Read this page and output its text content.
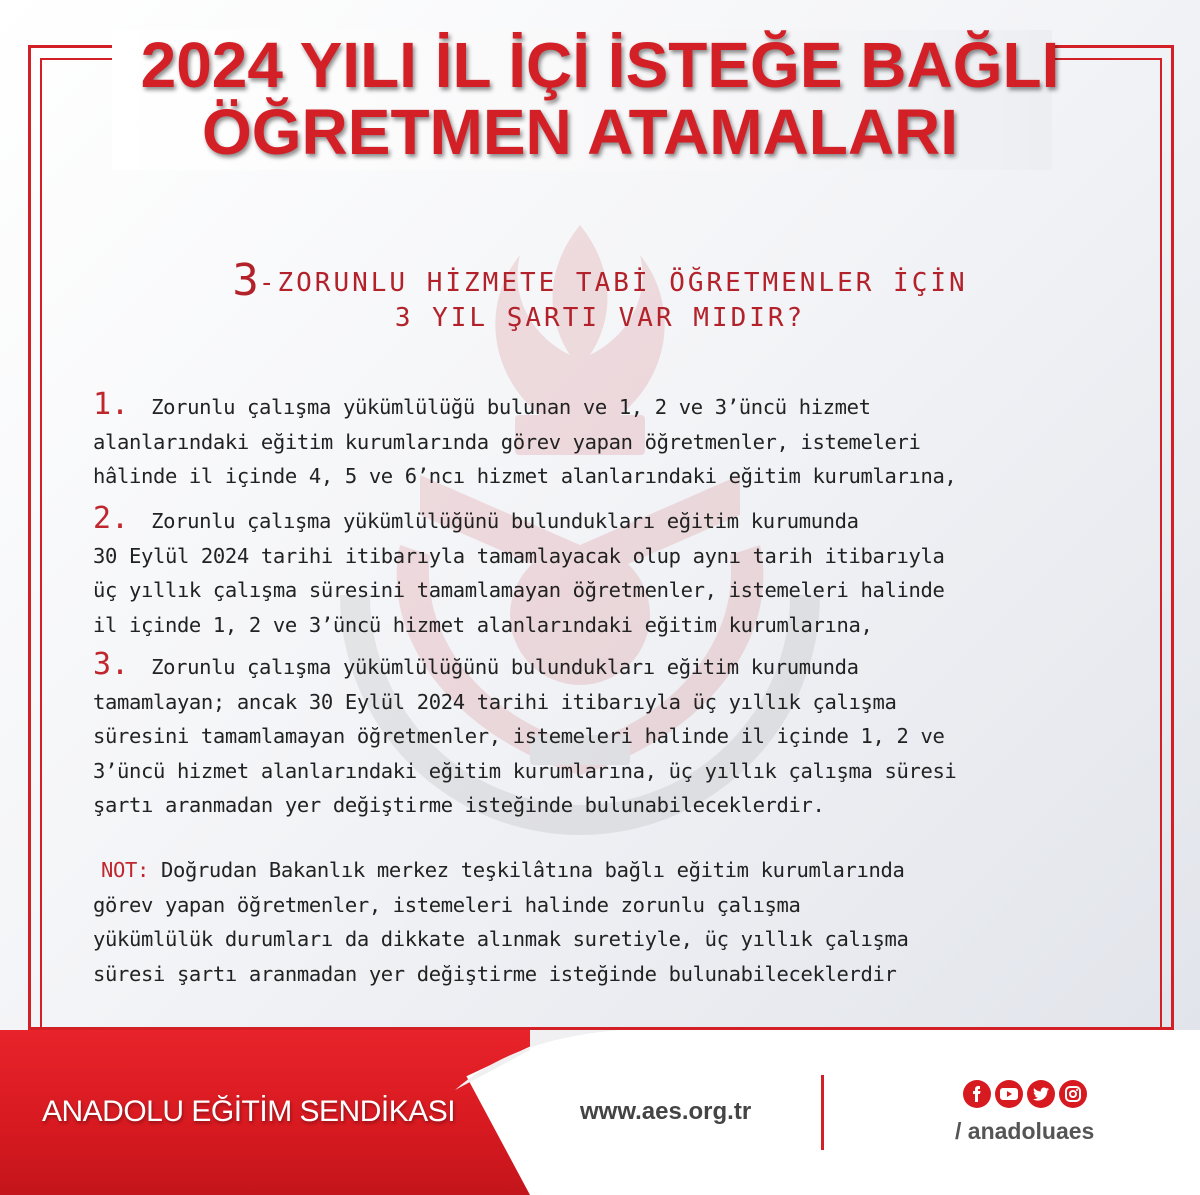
2024 YILI İL İÇİ İSTEĞE BAĞLI
ÖĞRETMEN ATAMALARI
3-ZORUNLU HİZMETE TABİ ÖĞRETMENLER İÇİN
3 YIL ŞARTI VAR MIDIR?
1. Zorunlu çalışma yükümlülüğü bulunan ve 1, 2 ve 3’üncü hizmet
alanlarındaki eğitim kurumlarında görev yapan öğretmenler, istemeleri
hâlinde il içinde 4, 5 ve 6’ncı hizmet alanlarındaki eğitim kurumlarına,
2. Zorunlu çalışma yükümlülüğünü bulundukları eğitim kurumunda
30 Eylül 2024 tarihi itibarıyla tamamlayacak olup aynı tarih itibarıyla
üç yıllık çalışma süresini tamamlamayan öğretmenler, istemeleri halinde
il içinde 1, 2 ve 3’üncü hizmet alanlarındaki eğitim kurumlarına,
3. Zorunlu çalışma yükümlülüğünü bulundukları eğitim kurumunda
tamamlayan; ancak 30 Eylül 2024 tarihi itibarıyla üç yıllık çalışma
süresini tamamlamayan öğretmenler, istemeleri halinde il içinde 1, 2 ve
3’üncü hizmet alanlarındaki eğitim kurumlarına, üç yıllık çalışma süresi
şartı aranmadan yer değiştirme isteğinde bulunabileceklerdir.
NOT: Doğrudan Bakanlık merkez teşkilâtına bağlı eğitim kurumlarında
görev yapan öğretmenler, istemeleri halinde zorunlu çalışma
yükümlülük durumları da dikkate alınmak suretiyle, üç yıllık çalışma
süresi şartı aranmadan yer değiştirme isteğinde bulunabileceklerdir
ANADOLU EĞİTİM SENDİKASI	www.aes.org.tr
/ anadoluaes
